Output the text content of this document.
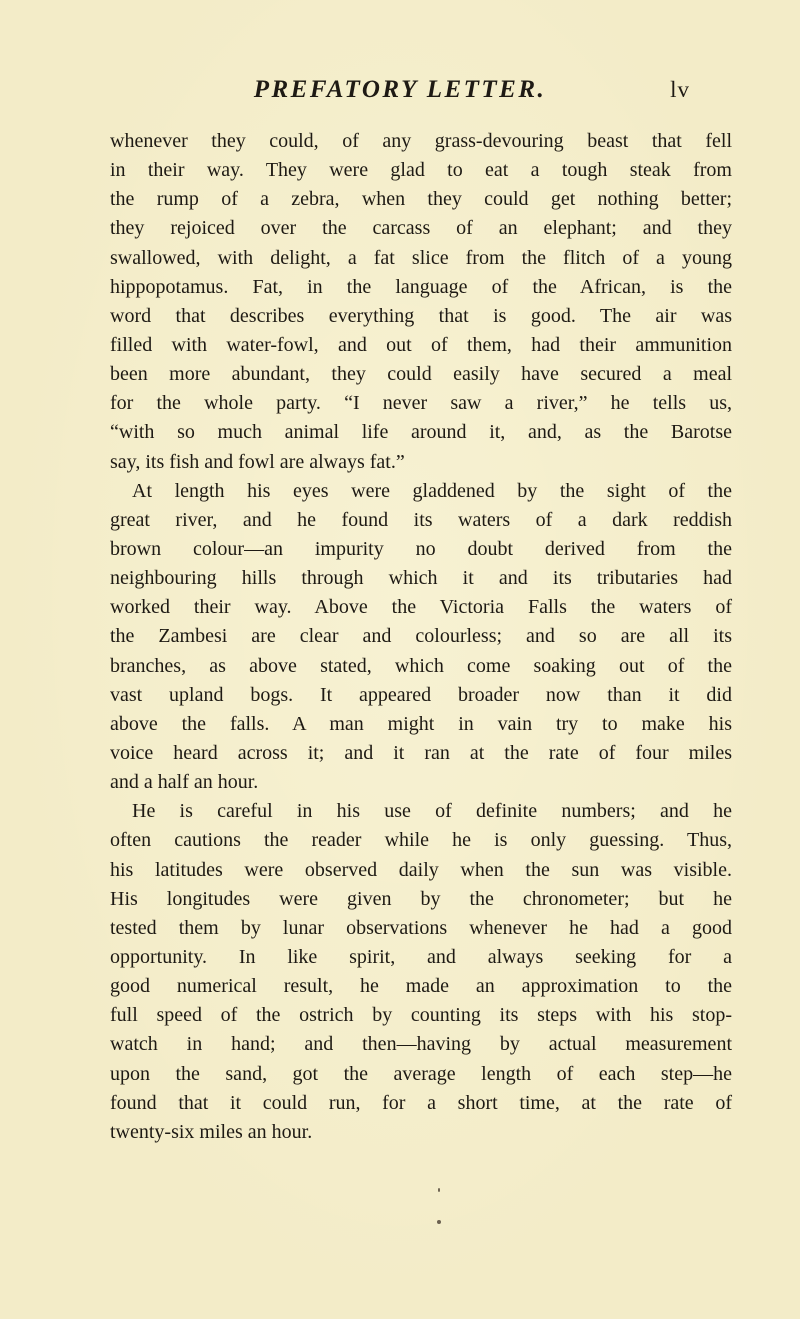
PREFATORY LETTER.	lv
whenever they could, of any grass-devouring beast that fell
in their way. They were glad to eat a tough steak from
the rump of a zebra, when they could get nothing better;
they rejoiced over the carcass of an elephant; and they
swallowed, with delight, a fat slice from the flitch of a young
hippopotamus. Fat, in the language of the African, is the
word that describes everything that is good. The air was
filled with water-fowl, and out of them, had their ammunition
been more abundant, they could easily have secured a meal
for the whole party. “I never saw a river,” he tells us,
“with so much animal life around it, and, as the Barotse
say, its fish and fowl are always fat.”
At length his eyes were gladdened by the sight of the
great river, and he found its waters of a dark reddish
brown colour—an impurity no doubt derived from the
neighbouring hills through which it and its tributaries had
worked their way. Above the Victoria Falls the waters of
the Zambesi are clear and colourless; and so are all its
branches, as above stated, which come soaking out of the
vast upland bogs. It appeared broader now than it did
above the falls. A man might in vain try to make his
voice heard across it; and it ran at the rate of four miles
and a half an hour.
He is careful in his use of definite numbers; and he
often cautions the reader while he is only guessing. Thus,
his latitudes were observed daily when the sun was visible.
His longitudes were given by the chronometer; but he
tested them by lunar observations whenever he had a good
opportunity. In like spirit, and always seeking for a
good numerical result, he made an approximation to the
full speed of the ostrich by counting its steps with his stop-
watch in hand; and then—having by actual measurement
upon the sand, got the average length of each step—he
found that it could run, for a short time, at the rate of
twenty-six miles an hour.
